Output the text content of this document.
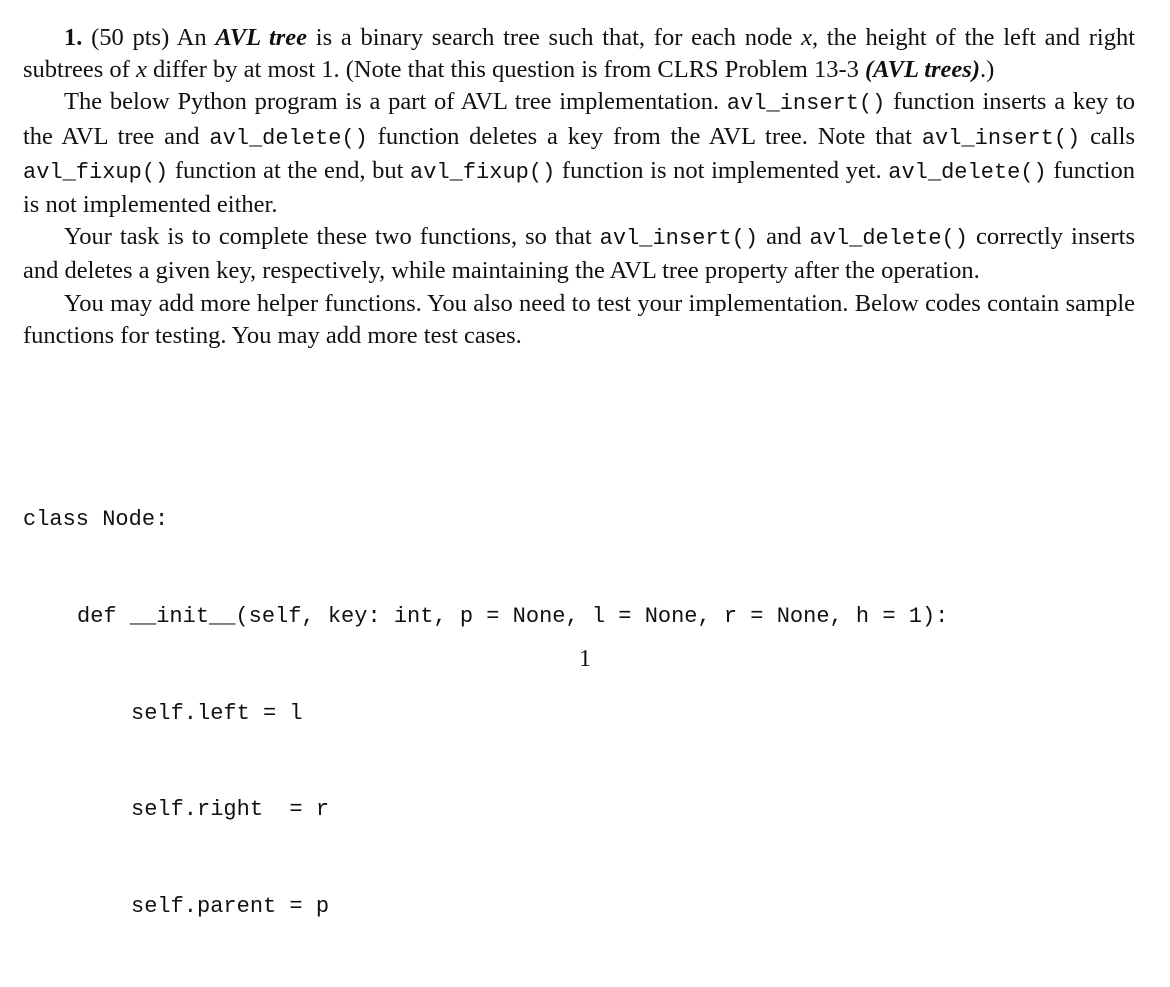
1. (50 pts) An AVL tree is a binary search tree such that, for each node x, the height of the left and right subtrees of x differ by at most 1. (Note that this question is from CLRS Problem 13-3 (AVL trees).)

The below Python program is a part of AVL tree implementation. avl_insert() function inserts a key to the AVL tree and avl_delete() function deletes a key from the AVL tree. Note that avl_insert() calls avl_fixup() function at the end, but avl_fixup() function is not implemented yet. avl_delete() function is not implemented either.

Your task is to complete these two functions, so that avl_insert() and avl_delete() correctly inserts and deletes a given key, respectively, while maintaining the AVL tree property after the operation.

You may add more helper functions. You also need to test your implementation. Below codes contain sample functions for testing. You may add more test cases.

class Node:

def __init__(self, key: int, p = None, l = None, r = None, h = 1):

self.left = l

self.right  = r

self.parent = p

1
